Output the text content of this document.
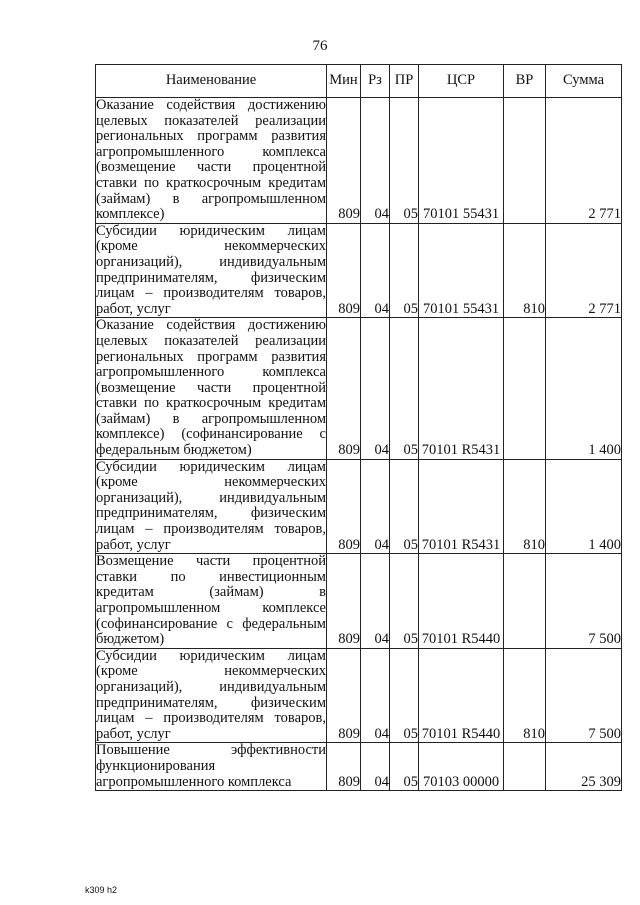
76
Наименование	Мин	Рз	ПР	ЦСР	ВР	Сумма
Оказание содействия достижению целевых показателей реализации региональных программ развития агропромышленного комплекса (возмещение части процентной ставки по краткосрочным кредитам (займам) в агропромышленном комплексе)	809	04	05	70101 55431		2 771
Субсидии юридическим лицам (кроме некоммерческих организаций), индивидуальным предпринимателям, физическим лицам – производителям товаров, работ, услуг	809	04	05	70101 55431	810	2 771
Оказание содействия достижению целевых показателей реализации региональных программ развития агропромышленного комплекса (возмещение части процентной ставки по краткосрочным кредитам (займам) в агропромышленном комплексе) (софинансирование с федеральным бюджетом)	809	04	05	70101 R5431		1 400
Субсидии юридическим лицам (кроме некоммерческих организаций), индивидуальным предпринимателям, физическим лицам – производителям товаров, работ, услуг	809	04	05	70101 R5431	810	1 400
Возмещение части процентной ставки по инвестиционным кредитам (займам) в агропромышленном комплексе (софинансирование с федеральным бюджетом)	809	04	05	70101 R5440		7 500
Субсидии юридическим лицам (кроме некоммерческих организаций), индивидуальным предпринимателям, физическим лицам – производителям товаров, работ, услуг	809	04	05	70101 R5440	810	7 500
Повышение эффективности функционирования агропромышленного комплекса	809	04	05	70103 00000		25 309
k309 h2
